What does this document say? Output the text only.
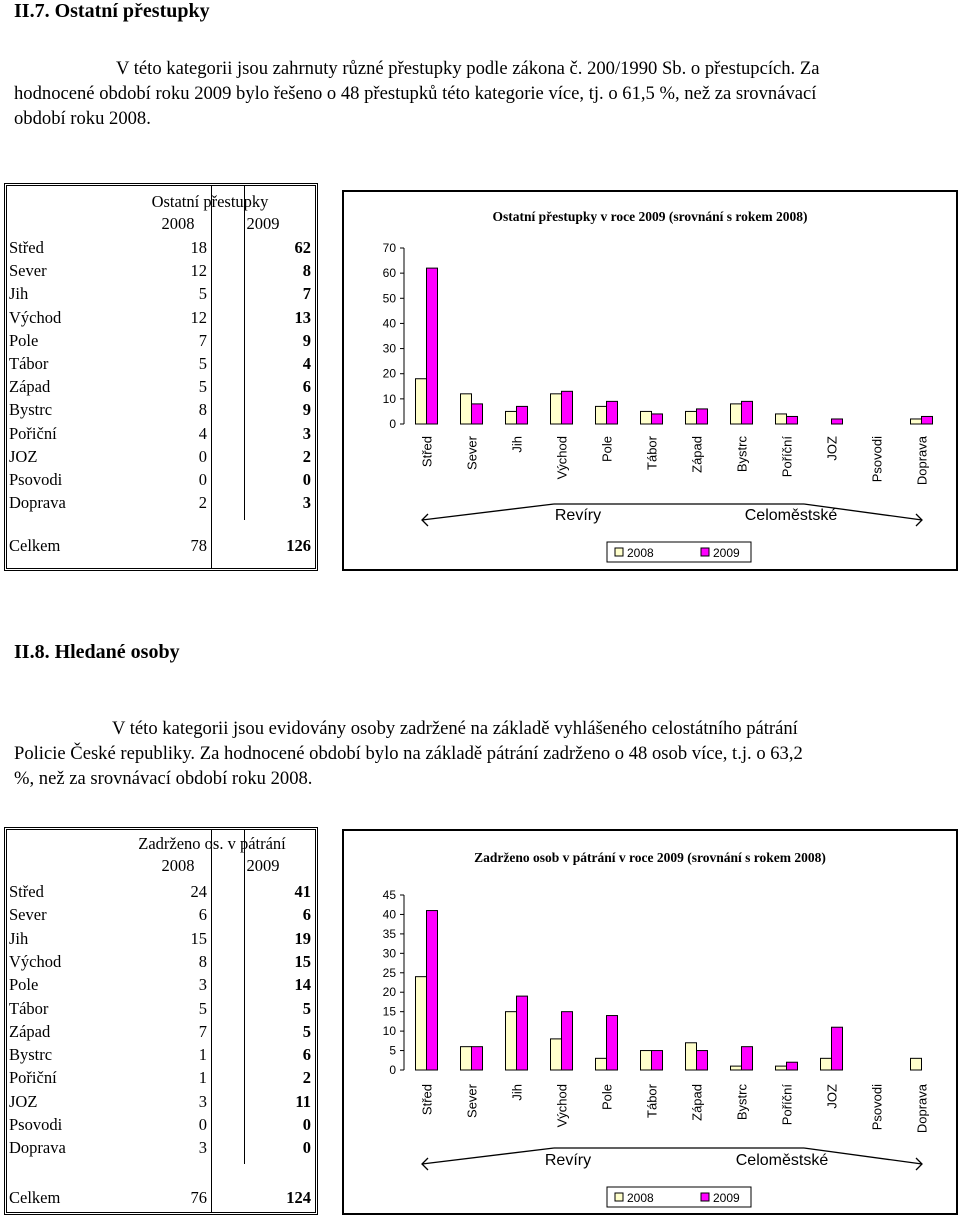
II.7. Ostatní přestupky
V této kategorii jsou zahrnuty různé přestupky podle zákona č. 200/1990 Sb. o přestupcích. Za
hodnocené období roku 2009 bylo řešeno o 48 přestupků této kategorie více, tj. o 61,5 %, než za srovnávací
období roku 2008.
Ostatní přestupky
2008	2009
Střed	18	62
Sever	12	8
Jih	5	7
Východ	12	13
Pole	7	9
Tábor	5	4
Západ	5	6
Bystrc	8	9
Pořiční	4	3
JOZ	0	2
Psovodi	0	0
Doprava	2	3
Celkem	78	126
Ostatní přestupky v roce 2009 (srovnání s rokem 2008)
0
10
20
30
40
50
60
70
Střed Sever Jih Východ Pole Tábor Západ Bystrc Poříční JOZ Psovodi Doprava
Revíry	Celoměstské
2008	2009
II.8. Hledané osoby
V této kategorii jsou evidovány osoby zadržené na základě vyhlášeného celostátního pátrání
Policie České republiky. Za hodnocené období bylo na základě pátrání zadrženo o 48 osob více, t.j. o 63,2
%, než za srovnávací období roku 2008.
Zadrženo os. v pátrání
2008	2009
Střed	24	41
Sever	6	6
Jih	15	19
Východ	8	15
Pole	3	14
Tábor	5	5
Západ	7	5
Bystrc	1	6
Pořiční	1	2
JOZ	3	11
Psovodi	0	0
Doprava	3	0
Celkem	76	124
Zadrženo osob v pátrání v roce 2009 (srovnání s rokem 2008)
0
5
10
15
20
25
30
35
40
45
Střed Sever Jih Východ Pole Tábor Západ Bystrc Poříční JOZ Psovodi Doprava
Revíry	Celoměstské
2008	2009
